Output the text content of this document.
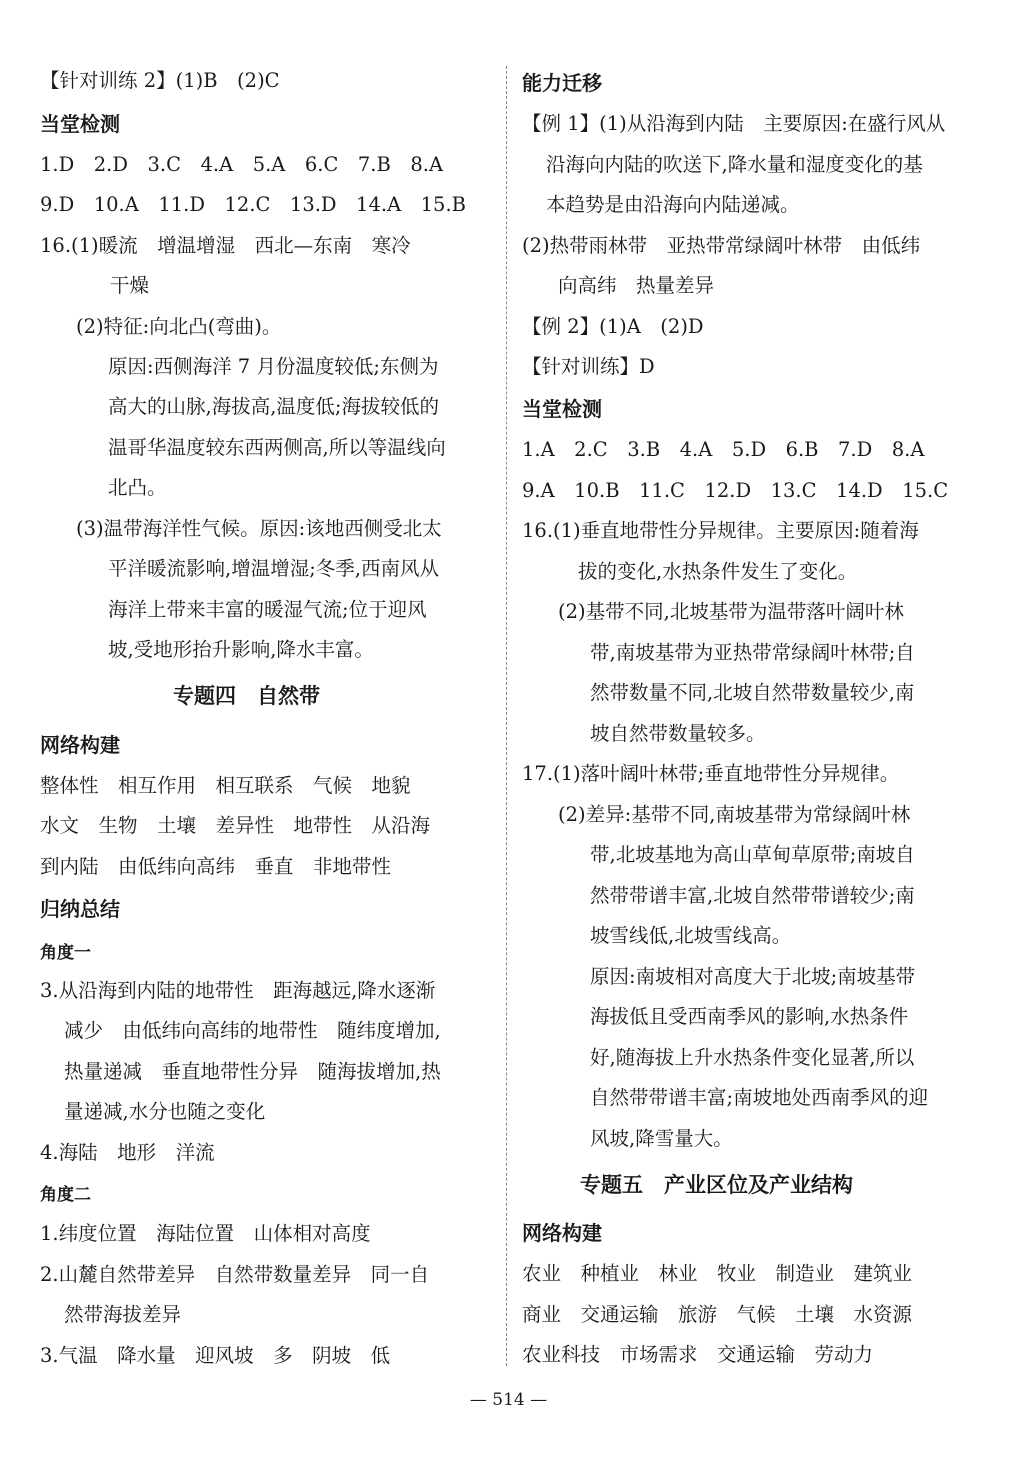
【针对训练 2】(1)B　(2)C
当堂检测
1.D　2.D　3.C　4.A　5.A　6.C　7.B　8.A
9.D　10.A　11.D　12.C　13.D　14.A　15.B
16.(1)暖流　增温增湿　西北—东南　寒冷
干燥
(2)特征:向北凸(弯曲)。
原因:西侧海洋 7 月份温度较低;东侧为
高大的山脉,海拔高,温度低;海拔较低的
温哥华温度较东西两侧高,所以等温线向
北凸。
(3)温带海洋性气候。原因:该地西侧受北太
平洋暖流影响,增温增湿;冬季,西南风从
海洋上带来丰富的暖湿气流;位于迎风
坡,受地形抬升影响,降水丰富。
专题四　自然带
网络构建
整体性　相互作用　相互联系　气候　地貌
水文　生物　土壤　差异性　地带性　从沿海
到内陆　由低纬向高纬　垂直　非地带性
归纳总结
角度一
3.从沿海到内陆的地带性　距海越远,降水逐渐
减少　由低纬向高纬的地带性　随纬度增加,
热量递减　垂直地带性分异　随海拔增加,热
量递减,水分也随之变化
4.海陆　地形　洋流
角度二
1.纬度位置　海陆位置　山体相对高度
2.山麓自然带差异　自然带数量差异　同一自
然带海拔差异
3.气温　降水量　迎风坡　多　阴坡　低
能力迁移
【例 1】(1)从沿海到内陆　主要原因:在盛行风从
沿海向内陆的吹送下,降水量和湿度变化的基
本趋势是由沿海向内陆递减。
(2)热带雨林带　亚热带常绿阔叶林带　由低纬
向高纬　热量差异
【例 2】(1)A　(2)D
【针对训练】D
当堂检测
1.A　2.C　3.B　4.A　5.D　6.B　7.D　8.A
9.A　10.B　11.C　12.D　13.C　14.D　15.C
16.(1)垂直地带性分异规律。主要原因:随着海
拔的变化,水热条件发生了变化。
(2)基带不同,北坡基带为温带落叶阔叶林
带,南坡基带为亚热带常绿阔叶林带;自
然带数量不同,北坡自然带数量较少,南
坡自然带数量较多。
17.(1)落叶阔叶林带;垂直地带性分异规律。
(2)差异:基带不同,南坡基带为常绿阔叶林
带,北坡基地为高山草甸草原带;南坡自
然带带谱丰富,北坡自然带带谱较少;南
坡雪线低,北坡雪线高。
原因:南坡相对高度大于北坡;南坡基带
海拔低且受西南季风的影响,水热条件
好,随海拔上升水热条件变化显著,所以
自然带带谱丰富;南坡地处西南季风的迎
风坡,降雪量大。
专题五　产业区位及产业结构
网络构建
农业　种植业　林业　牧业　制造业　建筑业
商业　交通运输　旅游　气候　土壤　水资源
农业科技　市场需求　交通运输　劳动力
— 514 —
